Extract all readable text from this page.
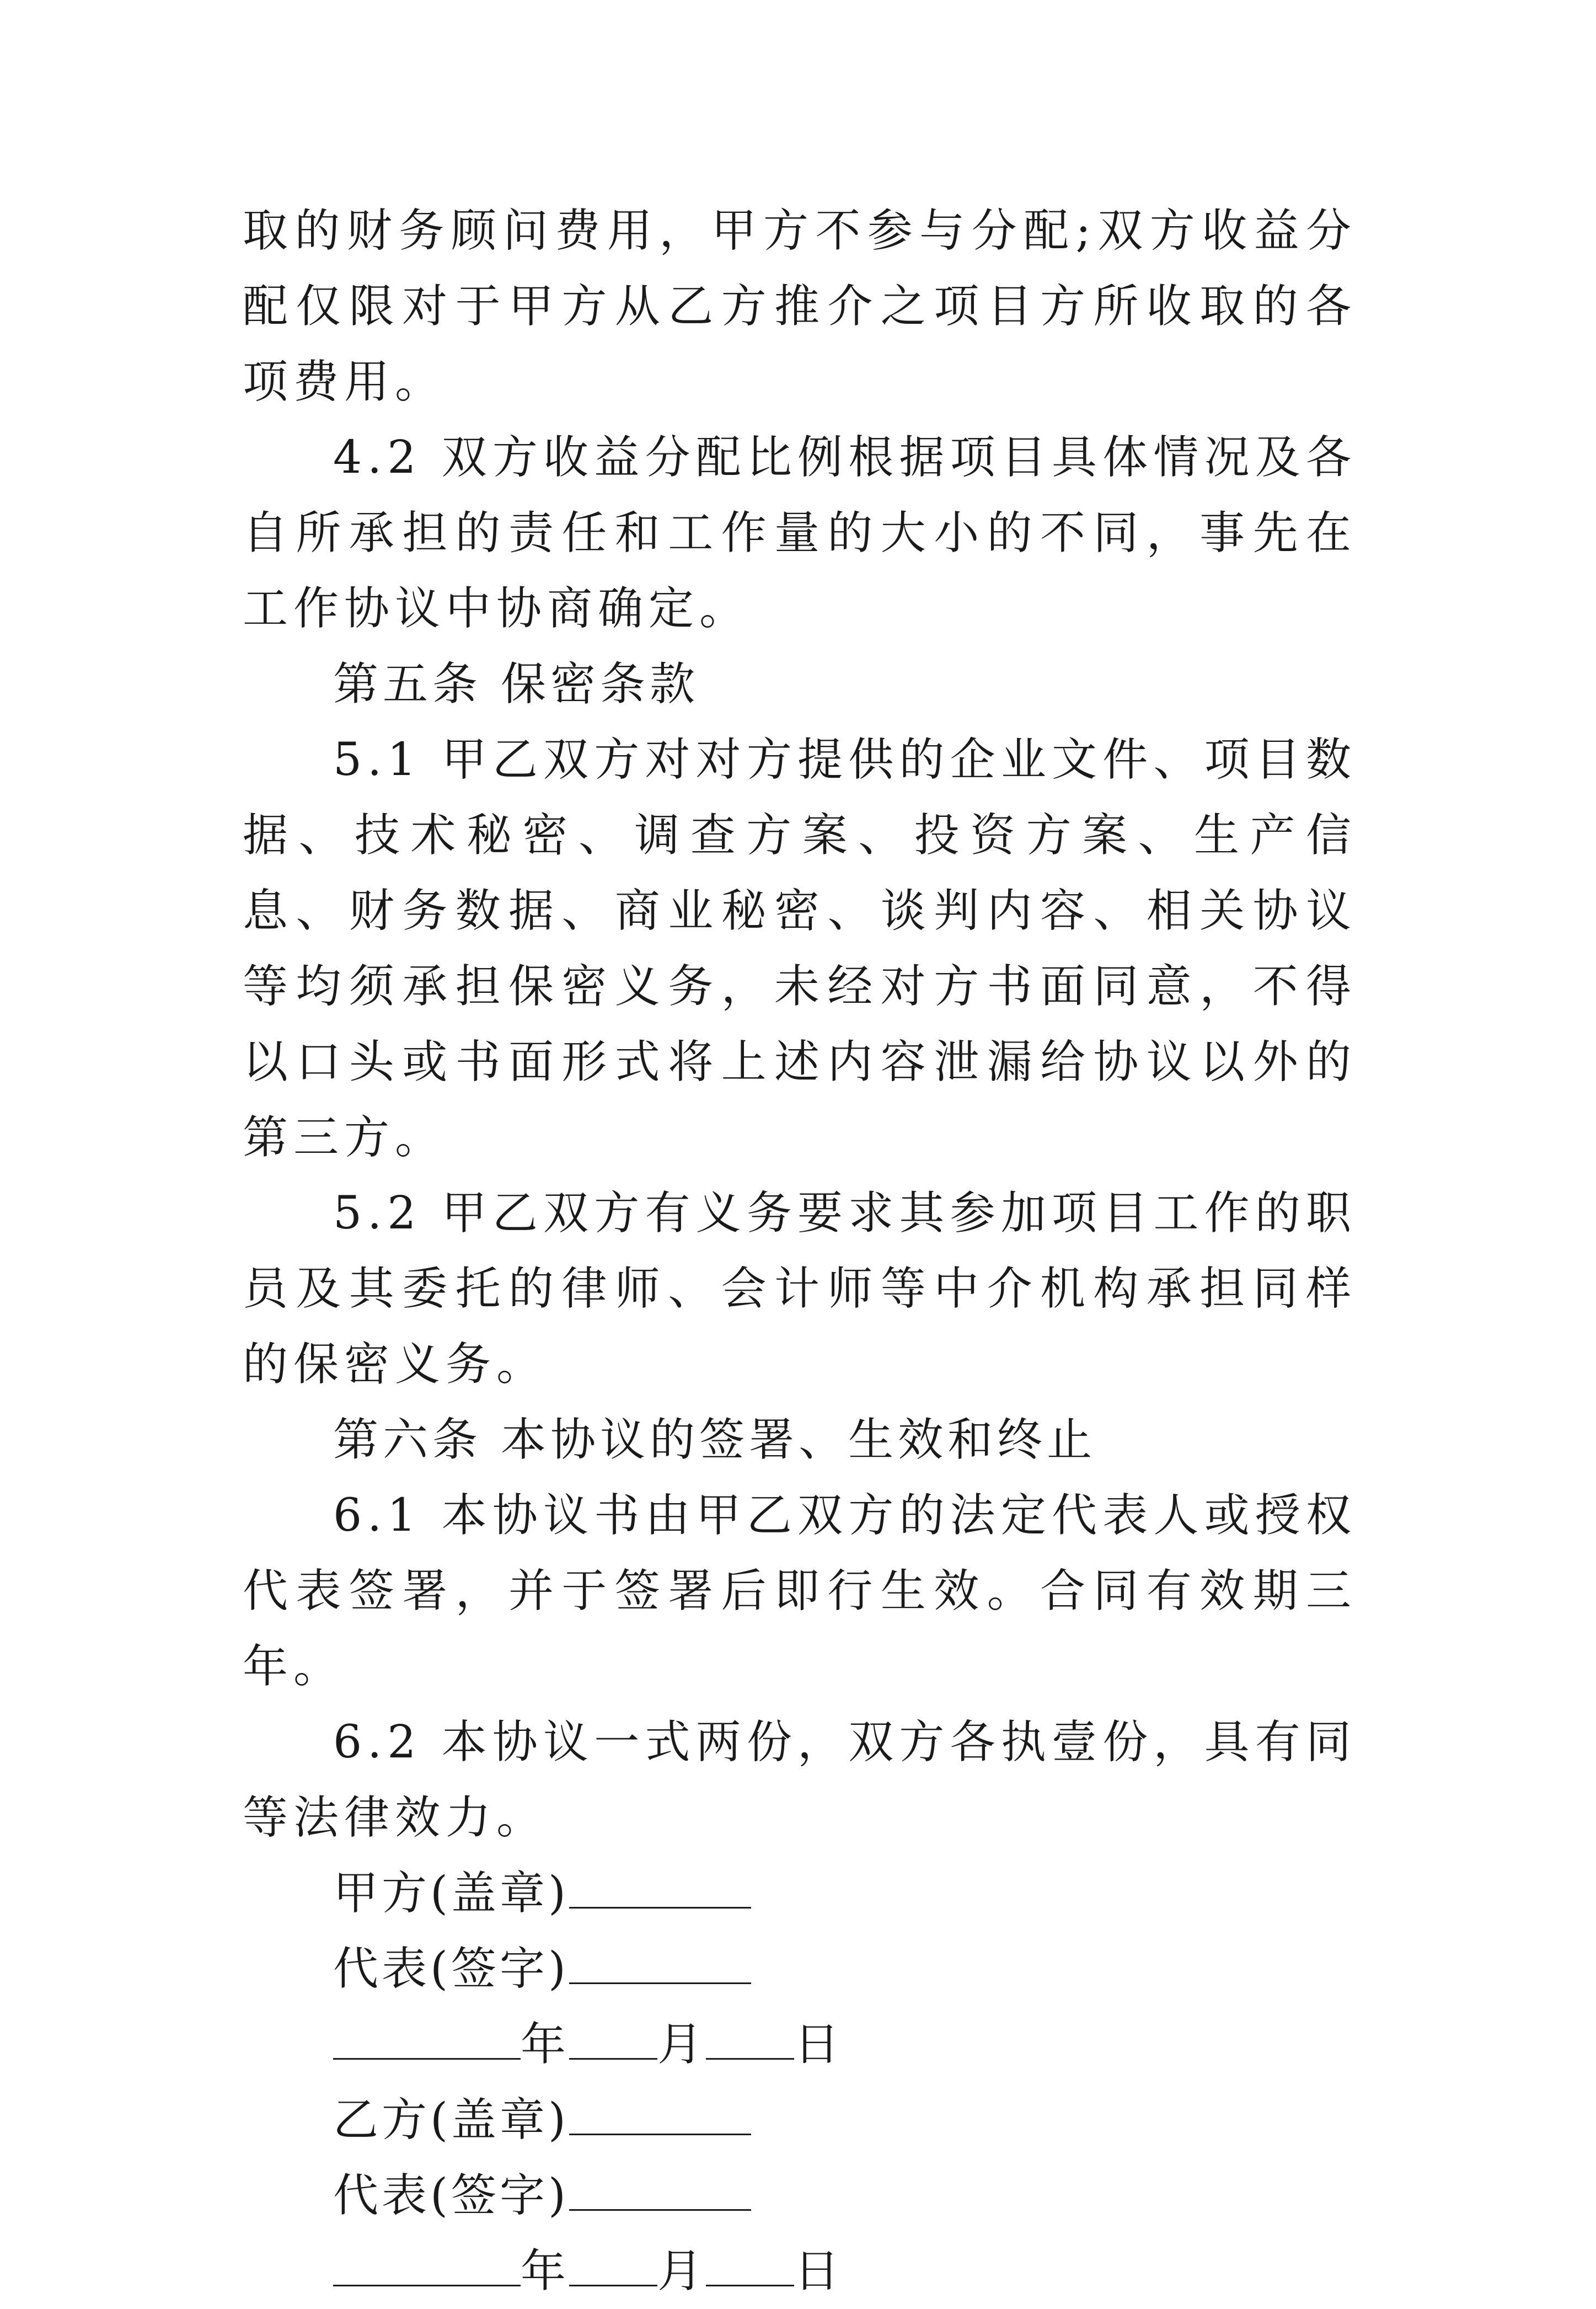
取的财务顾问费用，甲方不参与分配;双方收益分配仅限对于甲方从乙方推介之项目方所收取的各项费用。

4.2 双方收益分配比例根据项目具体情况及各自所承担的责任和工作量的大小的不同，事先在工作协议中协商确定。

第五条 保密条款

5.1 甲乙双方对对方提供的企业文件、项目数据、技术秘密、调查方案、投资方案、生产信息、财务数据、商业秘密、谈判内容、相关协议等均须承担保密义务，未经对方书面同意，不得以口头或书面形式将上述内容泄漏给协议以外的第三方。

5.2 甲乙双方有义务要求其参加项目工作的职员及其委托的律师、会计师等中介机构承担同样的保密义务。

第六条 本协议的签署、生效和终止

6.1 本协议书由甲乙双方的法定代表人或授权代表签署，并于签署后即行生效。合同有效期三年。

6.2 本协议一式两份，双方各执壹份，具有同等法律效力。

甲方(盖章)

代表(签字)

年 月 日

乙方(盖章)

代表(签字)

年 月 日
